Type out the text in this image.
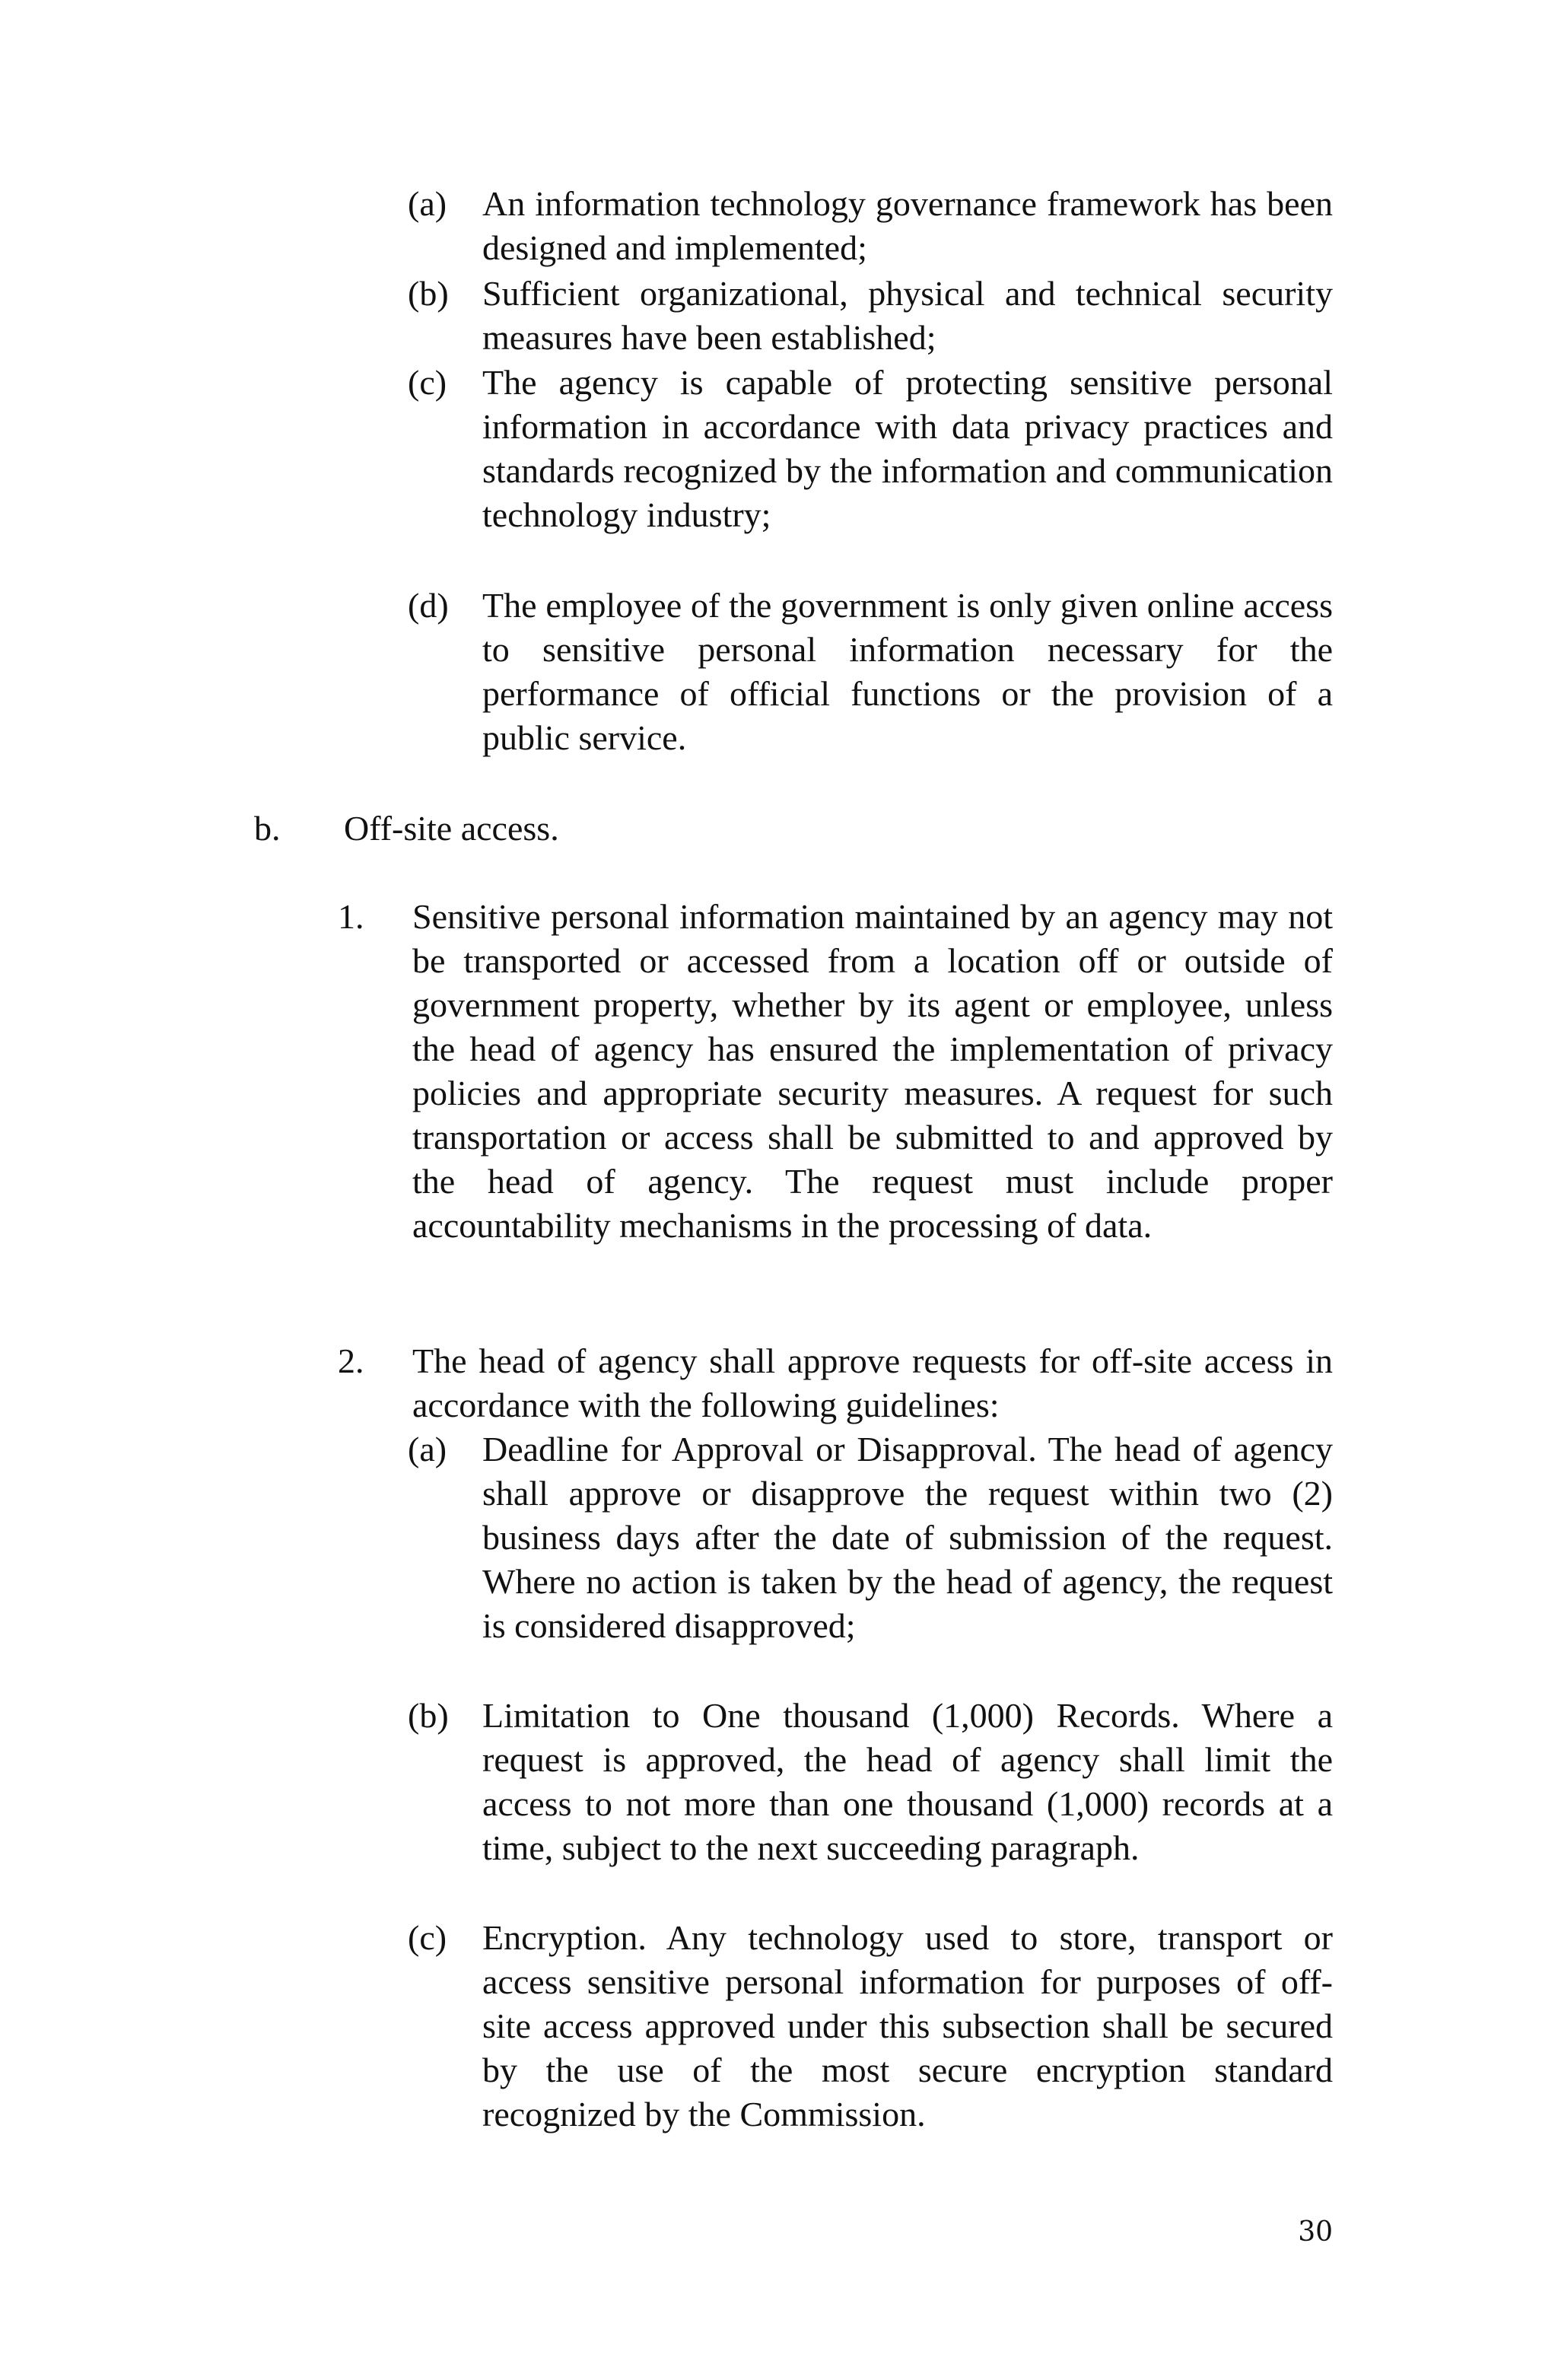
(a)	An information technology governance framework has been designed and implemented;
(b) Sufficient organizational, physical and technical security measures have been established;
(c)	The agency is capable of protecting sensitive personal information in accordance with data privacy practices and standards recognized by the information and communication technology industry;
(d) The employee of the government is only given online access to sensitive personal information necessary for the performance of official functions or the provision of a public service.
b.	Off-site access.
1.	Sensitive personal information maintained by an agency may not be transported or accessed from a location off or outside of government property, whether by its agent or employee, unless the head of agency has ensured the implementation of privacy policies and appropriate security measures. A request for such transportation or access shall be submitted to and approved by the head of agency. The request must include proper accountability mechanisms in the processing of data.
2.	The head of agency shall approve requests for off-site access in accordance with the following guidelines:
(a)	Deadline for Approval or Disapproval. The head of agency shall approve or disapprove the request within two (2) business days after the date of submission of the request. Where no action is taken by the head of agency, the request is considered disapproved;
(b) Limitation to One thousand (1,000) Records. Where a request is approved, the head of agency shall limit the access to not more than one thousand (1,000) records at a time, subject to the next succeeding paragraph.
(c)	Encryption. Any technology used to store, transport or access sensitive personal information for purposes of off-site access approved under this subsection shall be secured by the use of the most secure encryption standard recognized by the Commission.
30
